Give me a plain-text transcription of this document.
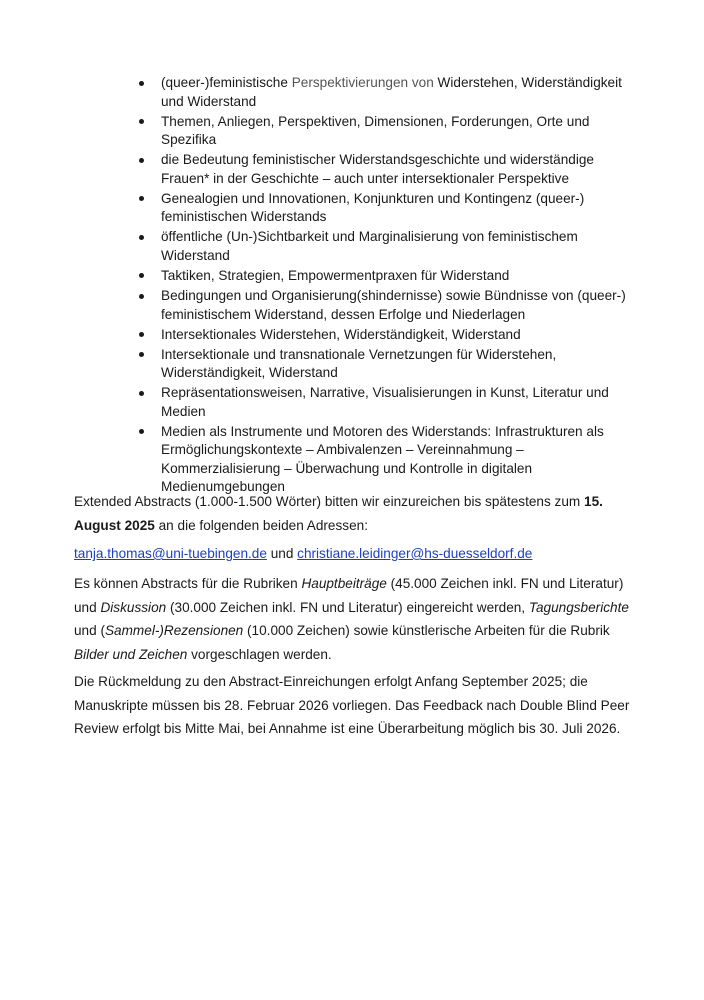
(queer-)feministische Perspektivierungen von Widerstehen, Widerständigkeit und Widerstand
Themen, Anliegen, Perspektiven, Dimensionen, Forderungen, Orte und Spezifika
die Bedeutung feministischer Widerstandsgeschichte und widerständige Frauen* in der Geschichte – auch unter intersektionaler Perspektive
Genealogien und Innovationen, Konjunkturen und Kontingenz (queer-) feministischen Widerstands
öffentliche (Un-)Sichtbarkeit und Marginalisierung von feministischem Widerstand
Taktiken, Strategien, Empowermentpraxen für Widerstand
Bedingungen und Organisierung(shindernisse) sowie Bündnisse von (queer-) feministischem Widerstand, dessen Erfolge und Niederlagen
Intersektionales Widerstehen, Widerständigkeit, Widerstand
Intersektionale und transnationale Vernetzungen für Widerstehen, Widerständigkeit, Widerstand
Repräsentationsweisen, Narrative, Visualisierungen in Kunst, Literatur und Medien
Medien als Instrumente und Motoren des Widerstands: Infrastrukturen als Ermöglichungskontexte – Ambivalenzen – Vereinnahmung – Kommerzialisierung – Überwachung und Kontrolle in digitalen Medienumgebungen

Extended Abstracts (1.000-1.500 Wörter) bitten wir einzureichen bis spätestens zum 15. August 2025 an die folgenden beiden Adressen:

tanja.thomas@uni-tuebingen.de und christiane.leidinger@hs-duesseldorf.de

Es können Abstracts für die Rubriken Hauptbeiträge (45.000 Zeichen inkl. FN und Literatur) und Diskussion (30.000 Zeichen inkl. FN und Literatur) eingereicht werden, Tagungsberichte und (Sammel-)Rezensionen (10.000 Zeichen) sowie künstlerische Arbeiten für die Rubrik Bilder und Zeichen vorgeschlagen werden.

Die Rückmeldung zu den Abstract-Einreichungen erfolgt Anfang September 2025; die Manuskripte müssen bis 28. Februar 2026 vorliegen. Das Feedback nach Double Blind Peer Review erfolgt bis Mitte Mai, bei Annahme ist eine Überarbeitung möglich bis 30. Juli 2026.
